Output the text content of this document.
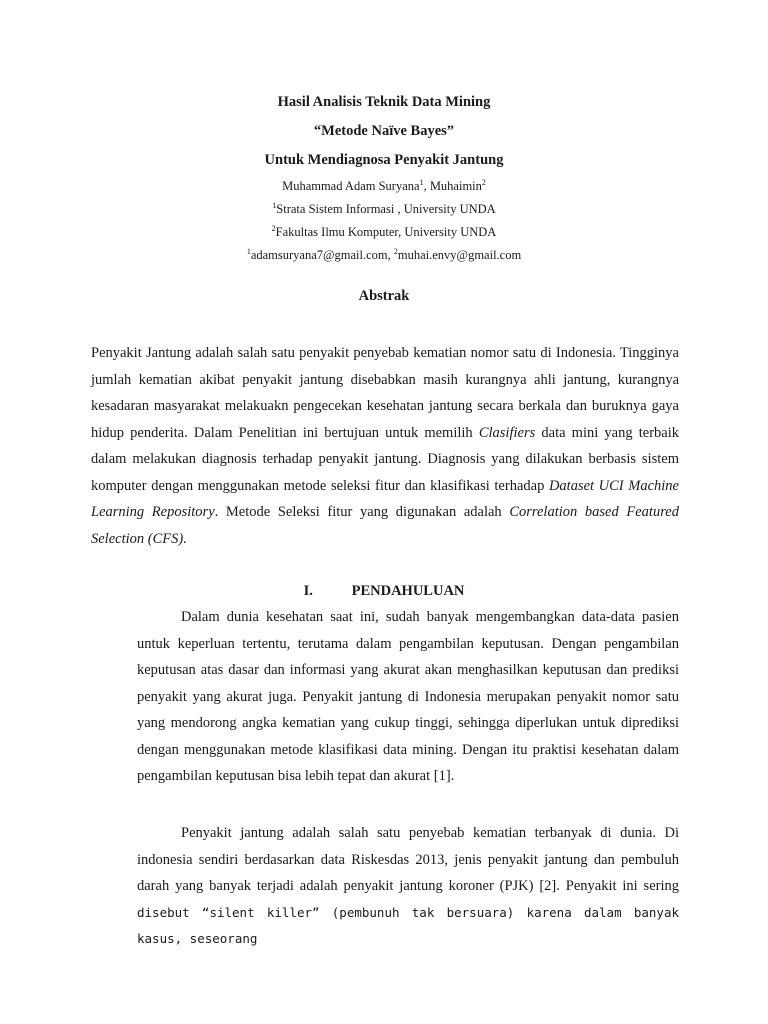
Hasil Analisis Teknik Data Mining

“Metode Naïve Bayes”

Untuk Mendiagnosa Penyakit Jantung

Muhammad Adam Suryana$^1$, Muhaimin$^2$

$^1$Strata Sistem Informasi , University UNDA

$^2$Fakultas Ilmu Komputer, University UNDA

$^1$adamsuryana7@gmail.com, $^2$muhai.envy@gmail.com

Abstrak

Penyakit Jantung adalah salah satu penyakit penyebab kematian nomor satu di Indonesia. Tingginya jumlah kematian akibat penyakit jantung disebabkan masih kurangnya ahli jantung, kurangnya kesadaran masyarakat melakuakn pengecekan kesehatan jantung secara berkala dan buruknya gaya hidup penderita. Dalam Penelitian ini bertujuan untuk memilih Clasifiers data mini yang terbaik dalam melakukan diagnosis terhadap penyakit jantung. Diagnosis yang dilakukan berbasis sistem komputer dengan menggunakan metode seleksi fitur dan klasifikasi terhadap Dataset UCI Machine Learning Repository. Metode Seleksi fitur yang digunakan adalah Correlation based Featured Selection (CFS).

I.	PENDAHULUAN

Dalam dunia kesehatan saat ini, sudah banyak mengembangkan data-data pasien untuk keperluan tertentu, terutama dalam pengambilan keputusan. Dengan pengambilan keputusan atas dasar dan informasi yang akurat akan menghasilkan keputusan dan prediksi penyakit yang akurat juga. Penyakit jantung di Indonesia merupakan penyakit nomor satu yang mendorong angka kematian yang cukup tinggi, sehingga diperlukan untuk diprediksi dengan menggunakan metode klasifikasi data mining. Dengan itu praktisi kesehatan dalam pengambilan keputusan bisa lebih tepat dan akurat [1].

Penyakit jantung adalah salah satu penyebab kematian terbanyak di dunia. Di indonesia sendiri berdasarkan data Riskesdas 2013, jenis penyakit jantung dan pembuluh darah yang banyak terjadi adalah penyakit jantung koroner (PJK) [2]. Penyakit ini sering disebut “silent killer” (pembunuh tak bersuara) karena dalam banyak kasus, seseorang
